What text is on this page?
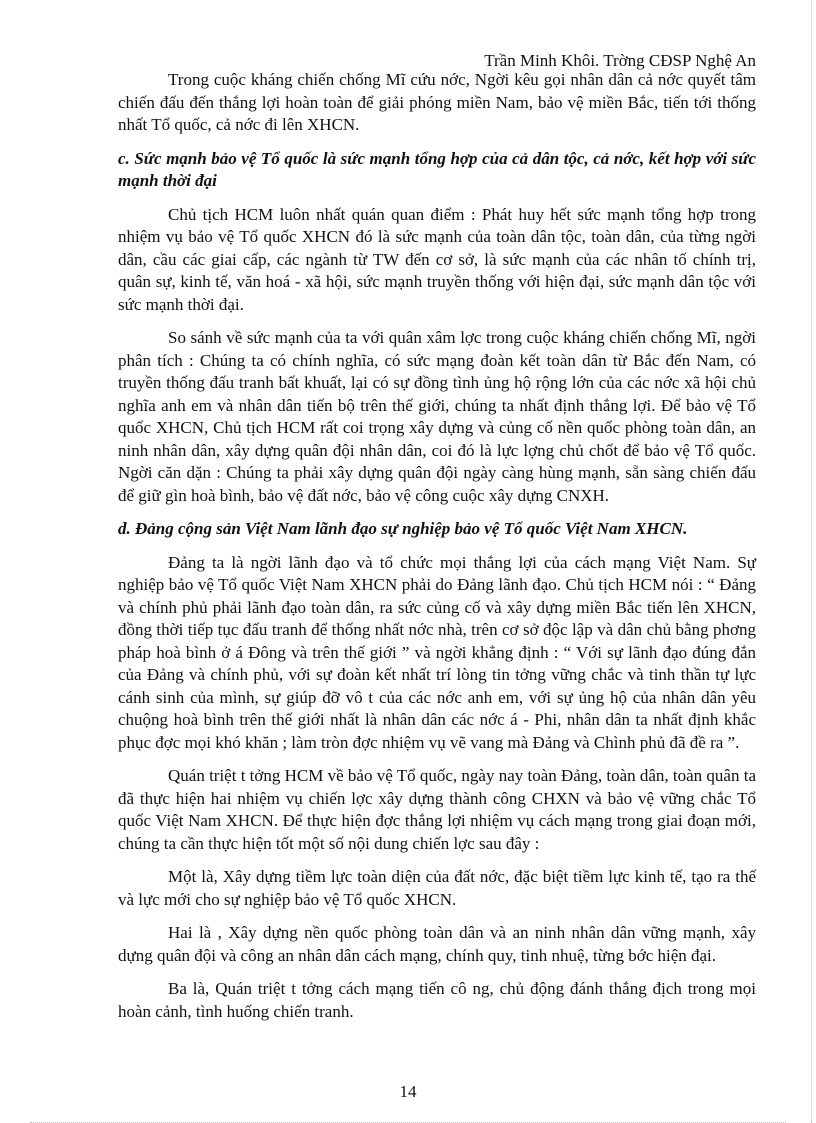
Trần Minh Khôi. Trờng CĐSP Nghệ An

Trong cuộc kháng chiến chống Mĩ cứu nớc, Ngời kêu gọi nhân dân cả nớc quyết tâm chiến đấu đến thắng lợi hoàn toàn để giải phóng miền Nam, bảo vệ miền Bắc, tiến tới thống nhất Tổ quốc, cả nớc đi lên XHCN.

c. Sức mạnh bảo vệ Tổ quốc là sức mạnh tổng hợp của cả dân tộc, cả nớc, kết hợp với sức mạnh thời đại

Chủ tịch HCM luôn nhất quán quan điểm : Phát huy hết sức mạnh tổng hợp trong nhiệm vụ bảo vệ Tổ quốc XHCN đó là sức mạnh của toàn dân tộc, toàn dân, của từng ngời dân, cầu các giai cấp, các ngành từ TW đến cơ sở, là sức mạnh của các nhân tố chính trị, quân sự, kinh tế, văn hoá - xã hội, sức mạnh truyền thống với hiện đại, sức mạnh dân tộc với sức mạnh thời đại.

So sánh về sức mạnh của ta với quân xâm lợc trong cuộc kháng chiến chống Mĩ, ngời phân tích : Chúng ta có chính nghĩa, có sức mạng đoàn kết toàn dân từ Bắc đến Nam, có truyền thống đấu tranh bất khuất, lại có sự đồng tình ủng hộ rộng lớn của các nớc xã hội chủ nghĩa anh em và nhân dân tiến bộ trên thế giới, chúng ta nhất định thắng lợi. Để bảo vệ Tổ quốc XHCN, Chủ tịch HCM rất coi trọng xây dựng và củng cố nền quốc phòng toàn dân, an ninh nhân dân, xây dựng quân đội nhân dân, coi đó là lực lợng chủ chốt để bảo vệ Tổ quốc. Ngời căn dặn : Chúng ta phải xây dựng quân đội ngày càng hùng mạnh, sẵn sàng chiến đấu để giữ gìn hoà bình, bảo vệ đất nớc, bảo vệ công cuộc xây dựng CNXH.

d. Đảng cộng sản Việt Nam lãnh đạo sự nghiệp bảo vệ Tổ quốc Việt Nam XHCN.

Đảng ta là ngời lãnh đạo và tổ chức mọi thắng lợi của cách mạng Việt Nam. Sự nghiệp bảo vệ Tổ quốc Việt Nam XHCN phải do Đảng lãnh đạo. Chủ tịch HCM nói : “ Đảng và chính phủ phải lãnh đạo toàn dân, ra sức củng cố và xây dựng miền Bắc tiến lên XHCN, đồng thời tiếp tục đấu tranh để thống nhất nớc nhà, trên cơ sở độc lập và dân chủ bằng phơng pháp hoà bình ở á Đông và trên thế giới ” và ngời khẳng định : “ Với sự lãnh đạo đúng đắn của Đảng và chính phủ, với sự đoàn kết nhất trí lòng tin tởng vững chắc và tinh thần tự lực cánh sinh của mình, sự giúp đỡ vô t của các nớc anh em, với sự ủng hộ của nhân dân yêu chuộng hoà bình trên thế giới nhất là nhân dân các nớc á - Phi, nhân dân ta nhất định khắc phục đợc mọi khó khăn ; làm tròn đợc nhiệm vụ vẽ vang mà Đảng và Chình phủ đã đề ra ”.

Quán triệt t tởng HCM về bảo vệ Tổ quốc, ngày nay toàn Đảng, toàn dân, toàn quân ta đã thực hiện hai nhiệm vụ chiến lợc xây dựng thành công CHXN và bảo vệ vững chắc Tổ quốc Việt Nam XHCN. Để thực hiện đợc thắng lợi nhiệm vụ cách mạng trong giai đoạn mới, chúng ta cần thực hiện tốt một số nội dung chiến lợc sau đây :

Một là, Xây dựng tiềm lực toàn diện của đất nớc, đặc biệt tiềm lực kinh tế, tạo ra thế và lực mới cho sự nghiệp bảo vệ Tổ quốc XHCN.

Hai là , Xây dựng nền quốc phòng toàn dân và an ninh nhân dân vững mạnh, xây dựng quân đội và công an nhân dân cách mạng, chính quy, tinh nhuệ, từng bớc hiện đại.

Ba là, Quán triệt t tởng cách mạng tiến cô ng, chủ động đánh thắng địch trong mọi hoàn cảnh, tình huống chiến tranh.

14
